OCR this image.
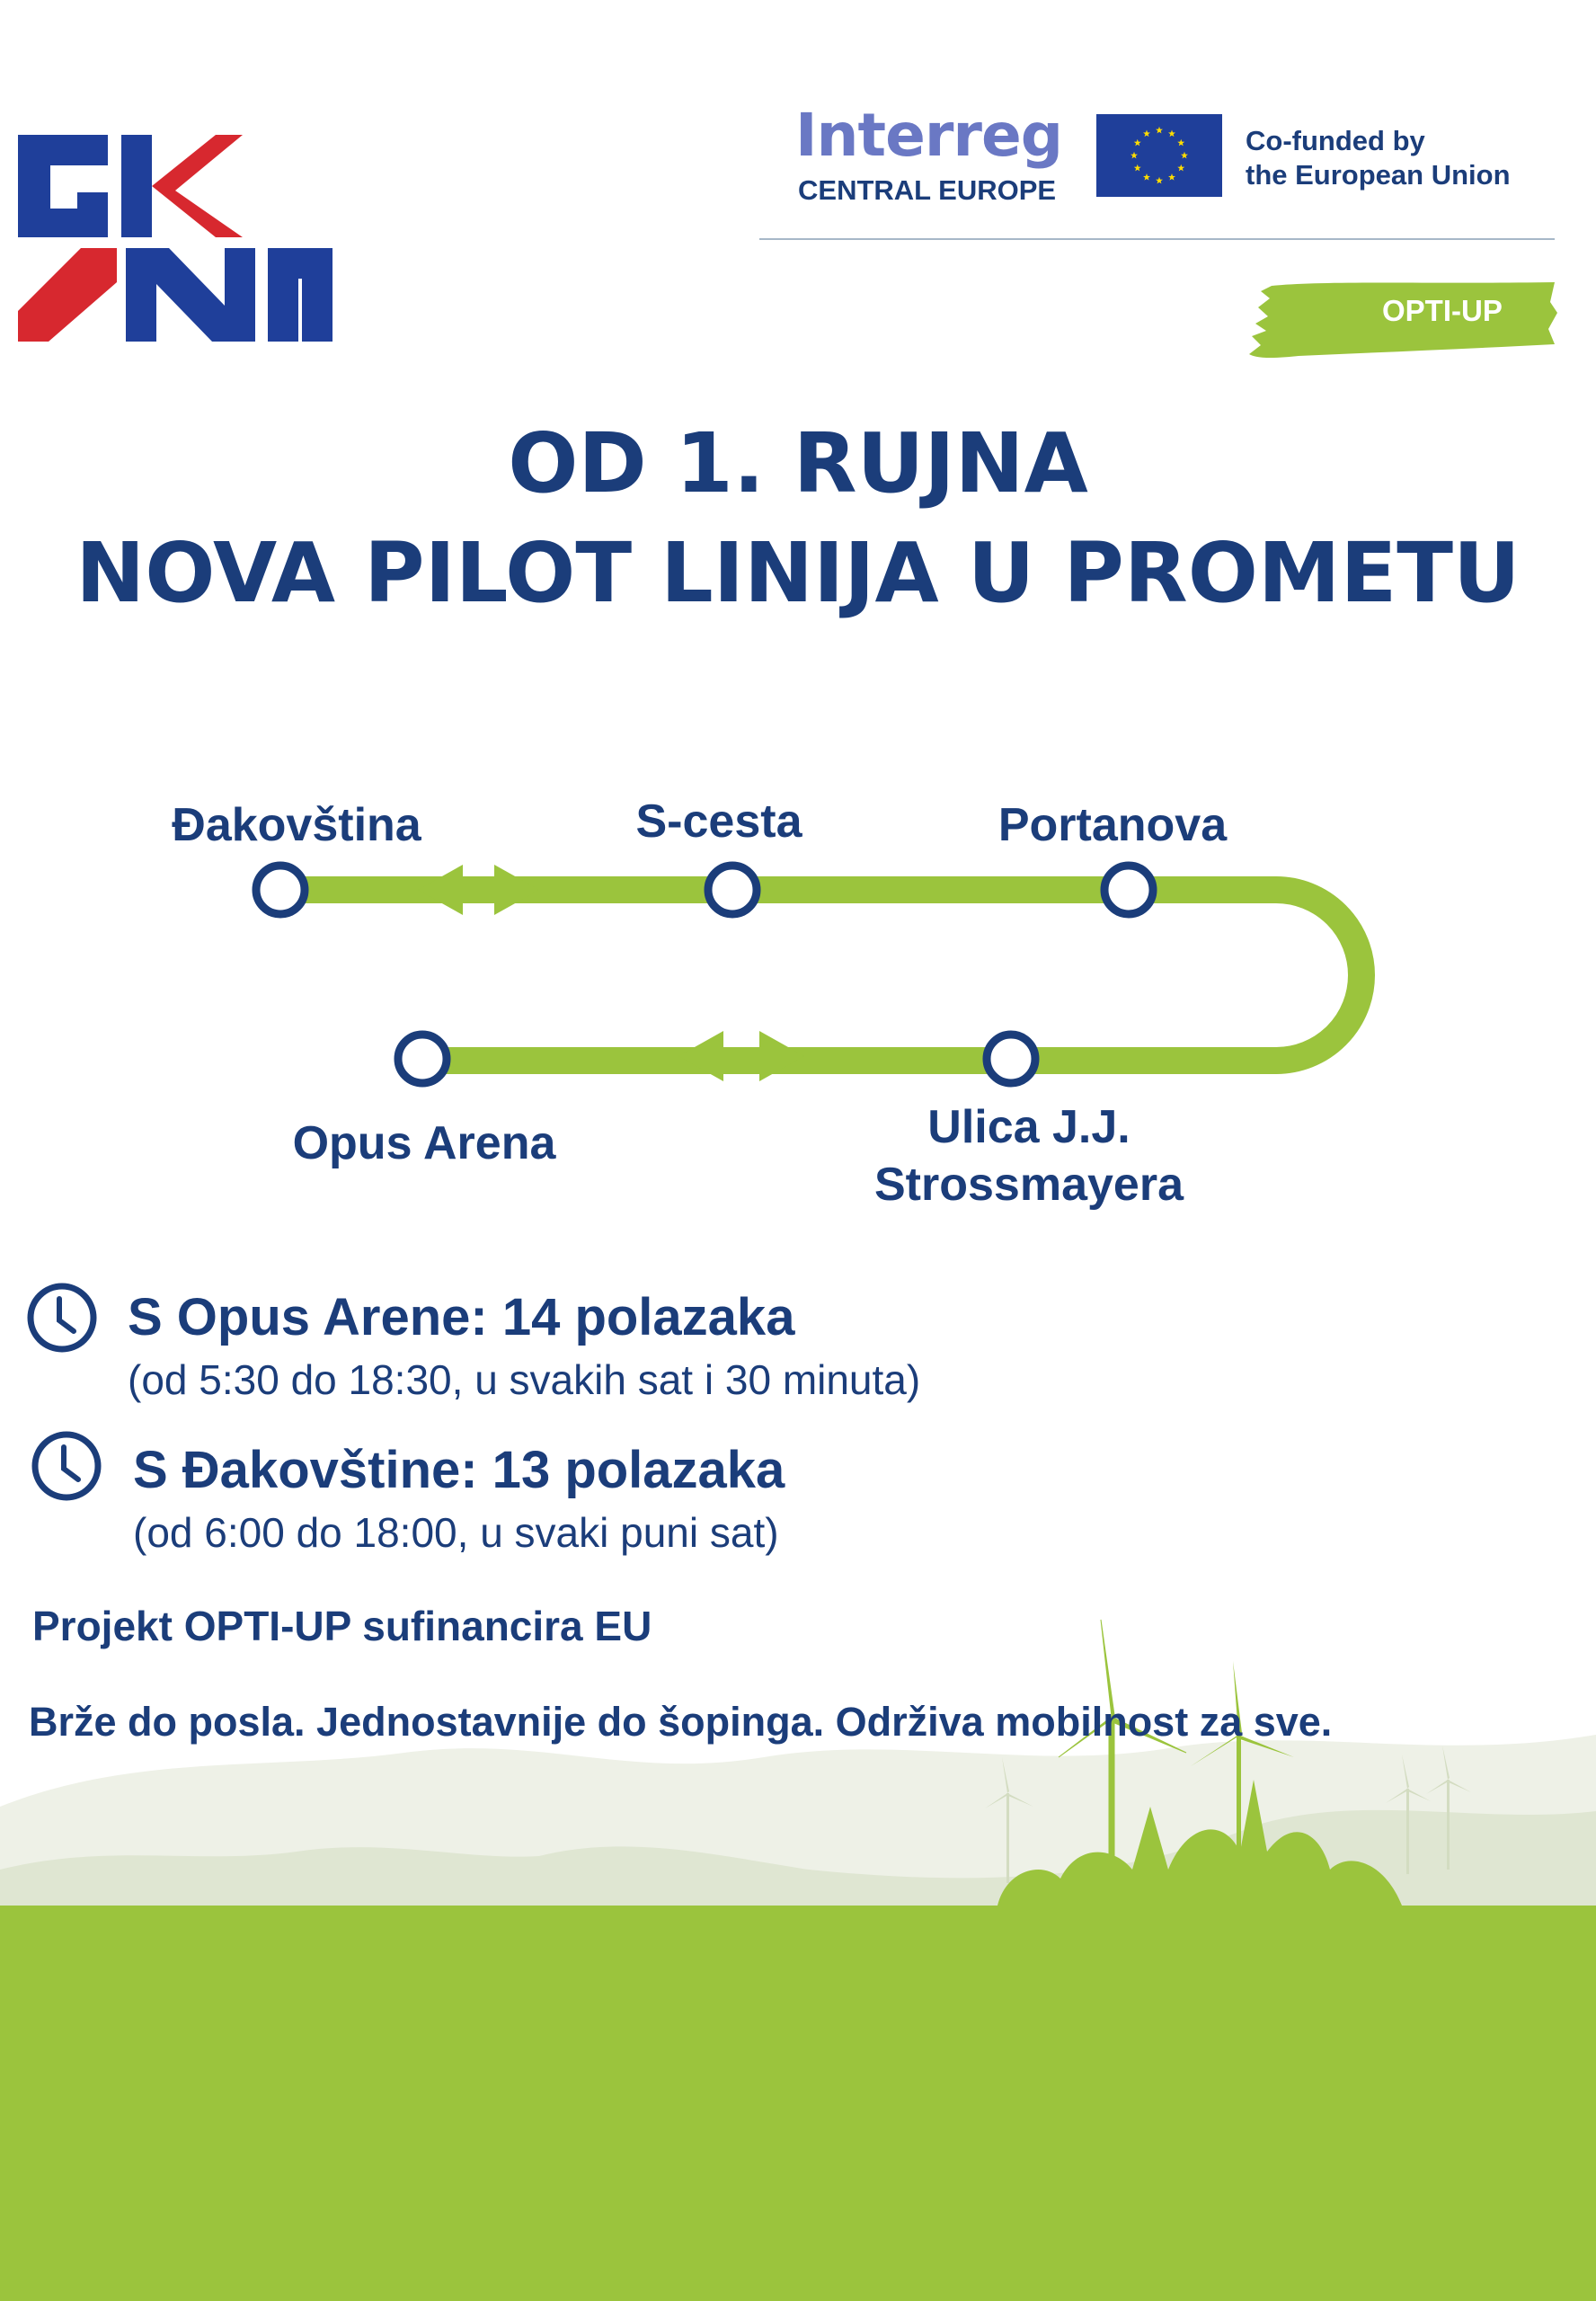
Interreg
CENTRAL EUROPE
Co-funded by
the European Union
OPTI-UP
OD 1. RUJNA
NOVA PILOT LINIJA U PROMETU
Đakovština	S-cesta	Portanova
Opus Arena	Ulica J.J.
Strossmayera
S Opus Arene: 14 polazaka
(od 5:30 do 18:30, u svakih sat i 30 minuta)
S Đakovštine: 13 polazaka
(od 6:00 do 18:00, u svaki puni sat)
Projekt OPTI-UP sufinancira EU
Brže do posla. Jednostavnije do šopinga. Održiva mobilnost za sve.
